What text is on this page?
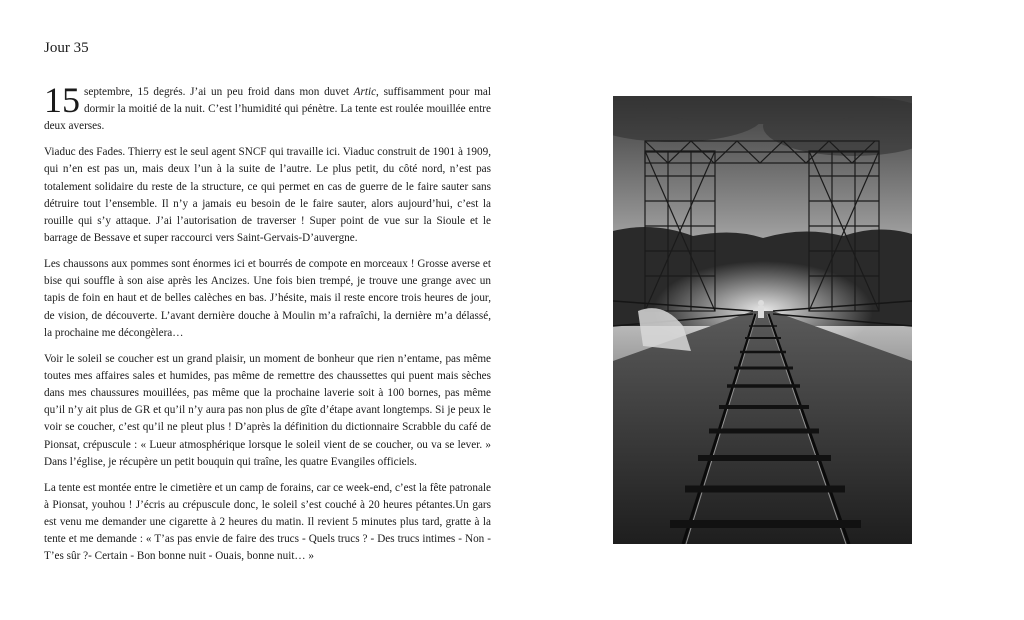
Jour 35

15 septembre, 15 degrés. J’ai un peu froid dans mon duvet Artic, suffisamment pour mal dormir la moitié de la nuit. C’est l’humidité qui pénètre. La tente est roulée mouillée entre deux averses.

Viaduc des Fades. Thierry est le seul agent SNCF qui travaille ici. Viaduc construit de 1901 à 1909, qui n’en est pas un, mais deux l’un à la suite de l’autre. Le plus petit, du côté nord, n’est pas totalement solidaire du reste de la structure, ce qui permet en cas de guerre de le faire sauter sans détruire tout l’ensemble. Il n’y a jamais eu besoin de le faire sauter, alors aujourd’hui, c’est la rouille qui s’y attaque. J’ai l’autorisation de traverser ! Super point de vue sur la Sioule et le barrage de Bessave et super raccourci vers Saint-Gervais-D’auvergne.

Les chaussons aux pommes sont énormes ici et bourrés de compote en morceaux ! Grosse averse et bise qui souffle à son aise après les Ancizes. Une fois bien trempé, je trouve une grange avec un tapis de foin en haut et de belles calèches en bas. J’hésite, mais il reste encore trois heures de jour, de vision, de découverte. L’avant dernière douche à Moulin m’a rafraîchi, la dernière m’a délassé, la prochaine me décongèlera…

Voir le soleil se coucher est un grand plaisir, un moment de bonheur que rien n’entame, pas même toutes mes affaires sales et humides, pas même de remettre des chaussettes qui puent mais sèches dans mes chaussures mouillées, pas même que la prochaine laverie soit à 100 bornes, pas même qu’il n’y ait plus de GR et qu’il n’y aura pas non plus de gîte d’étape avant longtemps. Si je peux le voir se coucher, c’est qu’il ne pleut plus ! D’après la définition du dictionnaire Scrabble du café de Pionsat, crépuscule : « Lueur atmosphérique lorsque le soleil vient de se coucher, ou va se lever. » Dans l’église, je récupère un petit bouquin qui traîne, les quatre Evangiles officiels.

La tente est montée entre le cimetière et un camp de forains, car ce week-end, c’est la fête patronale à Pionsat, youhou ! J’écris au crépuscule donc, le soleil s’est couché à 20 heures pétantes.Un gars est venu me demander une cigarette à 2 heures du matin. Il revient 5 minutes plus tard, gratte à la tente et me demande : « T’as pas envie de faire des trucs - Quels trucs ? - Des trucs intimes - Non - T’es sûr ?- Certain - Bon bonne nuit - Ouais, bonne nuit… »
